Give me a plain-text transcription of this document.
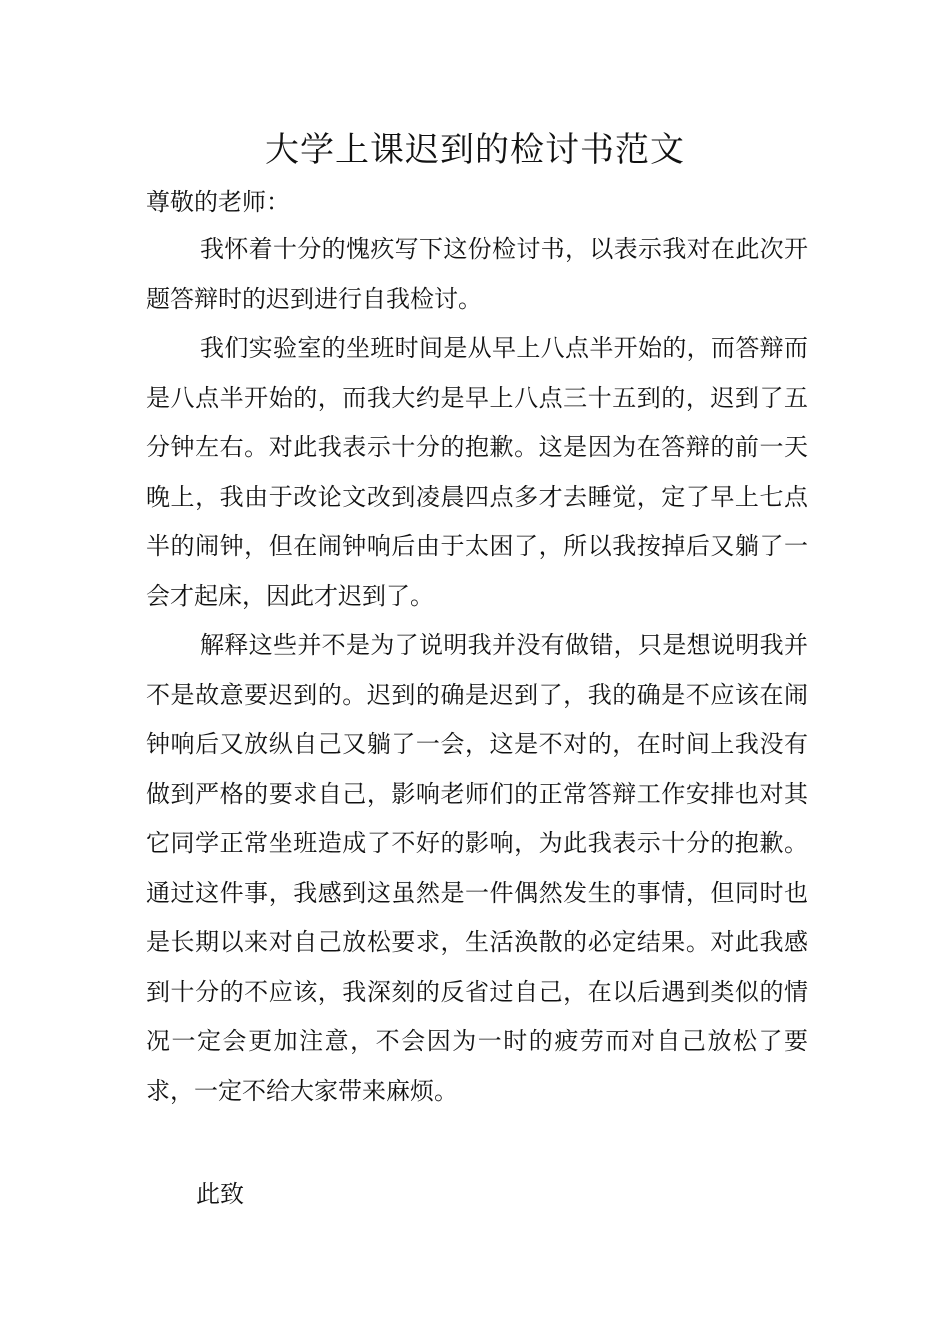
大学上课迟到的检讨书范文

尊敬的老师：

我怀着十分的愧疚写下这份检讨书，以表示我对在此次开题答辩时的迟到进行自我检讨。

我们实验室的坐班时间是从早上八点半开始的，而答辩而是八点半开始的，而我大约是早上八点三十五到的，迟到了五分钟左右。对此我表示十分的抱歉。这是因为在答辩的前一天晚上，我由于改论文改到凌晨四点多才去睡觉，定了早上七点半的闹钟，但在闹钟响后由于太困了，所以我按掉后又躺了一会才起床，因此才迟到了。

解释这些并不是为了说明我并没有做错，只是想说明我并不是故意要迟到的。迟到的确是迟到了，我的确是不应该在闹钟响后又放纵自己又躺了一会，这是不对的，在时间上我没有做到严格的要求自己，影响老师们的正常答辩工作安排也对其它同学正常坐班造成了不好的影响，为此我表示十分的抱歉。通过这件事，我感到这虽然是一件偶然发生的事情，但同时也是长期以来对自己放松要求，生活涣散的必定结果。对此我感到十分的不应该，我深刻的反省过自己，在以后遇到类似的情况一定会更加注意，不会因为一时的疲劳而对自己放松了要求，一定不给大家带来麻烦。

此致
